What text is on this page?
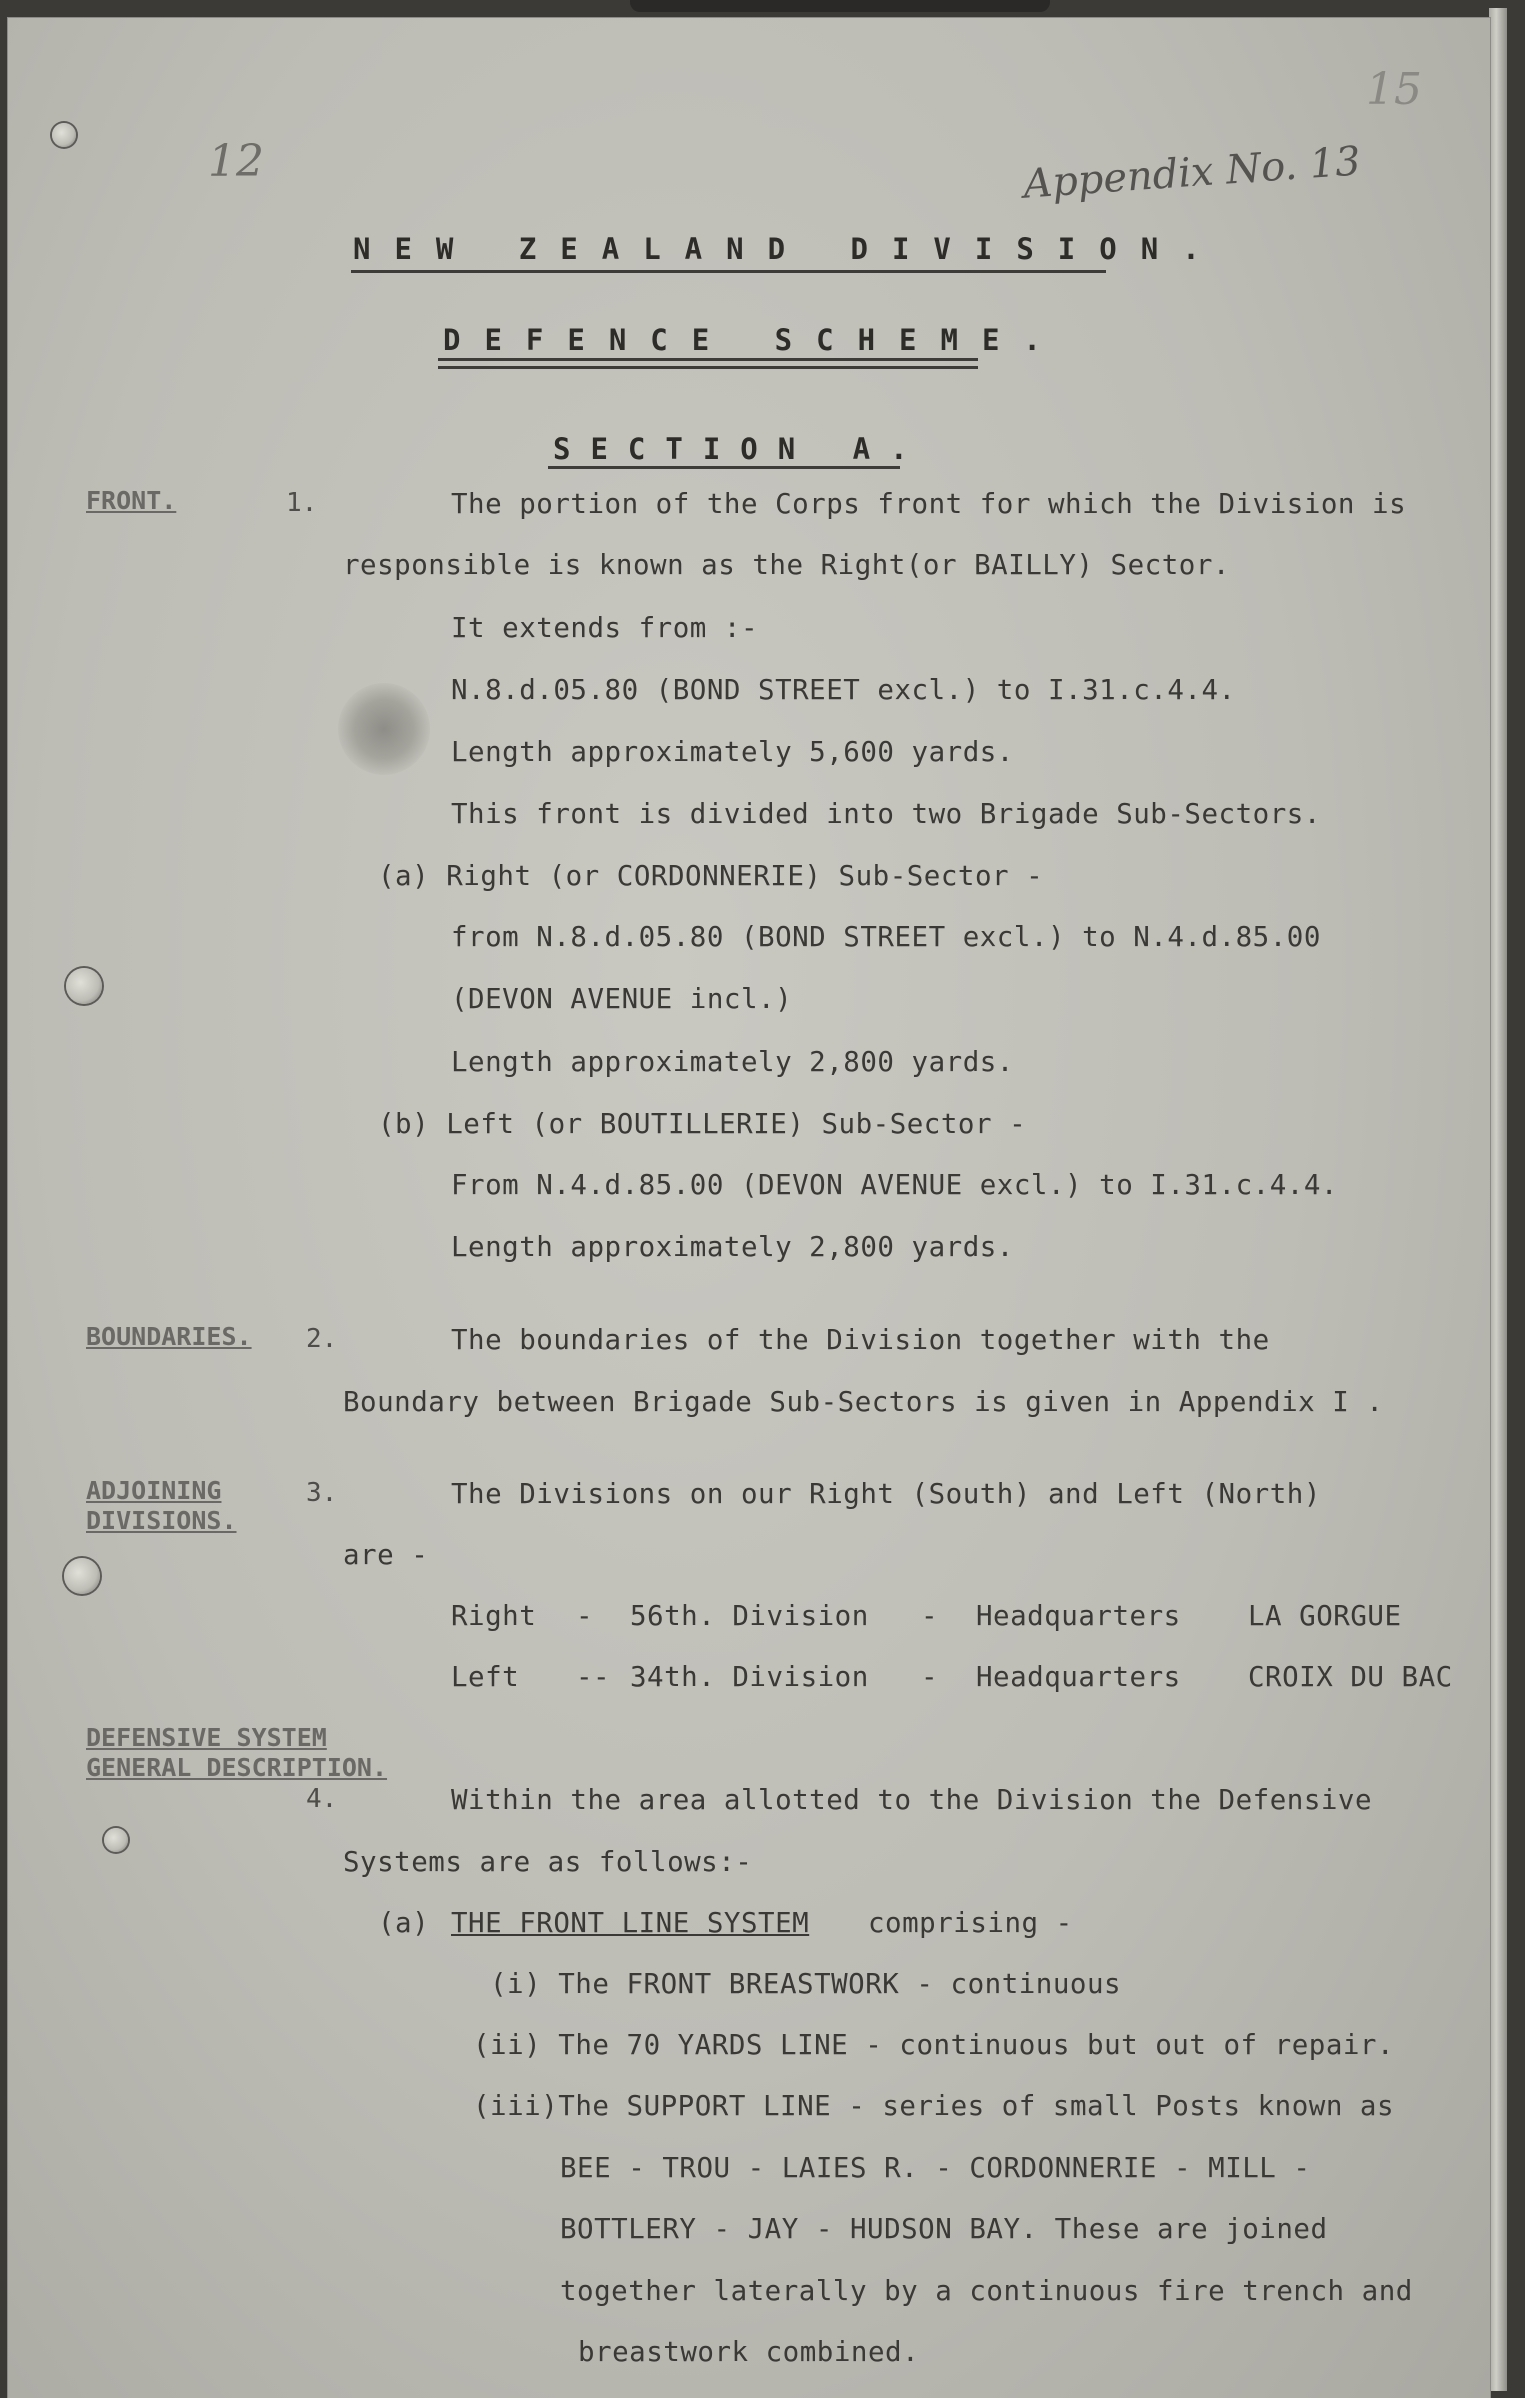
15
12	Appendix No. 13
NEW ZEALAND DIVISION.
DEFENCE SCHEME.
SECTION A.
FRONT.	1.	The portion of the Corps front for which the Division is
responsible is known as the Right(or BAILLY) Sector.
It extends from :-
N.8.d.05.80 (BOND STREET excl.) to I.31.c.4.4.
Length approximately 5,600 yards.
This front is divided into two Brigade Sub-Sectors.
(a) Right (or CORDONNERIE) Sub-Sector -
from N.8.d.05.80 (BOND STREET excl.) to N.4.d.85.00
(DEVON AVENUE incl.)
Length approximately 2,800 yards.
(b) Left (or BOUTILLERIE) Sub-Sector -
From N.4.d.85.00 (DEVON AVENUE excl.) to I.31.c.4.4.
Length approximately 2,800 yards.
BOUNDARIES. 2.	The boundaries of the Division together with the
Boundary between Brigade Sub-Sectors is given in Appendix I .
ADJOINING
DIVISIONS.
3.	The Divisions on our Right (South) and Left (North)
are -
Right - 56th. Division - Headquarters LA GORGUE
Left -- 34th. Division - Headquarters CROIX DU BAC
DEFENSIVE SYSTEM
GENERAL DESCRIPTION.
4.	Within the area allotted to the Division the Defensive
Systems are as follows:-
(a) THE FRONT LINE SYSTEM comprising -
(i) The FRONT BREASTWORK - continuous
(ii) The 70 YARDS LINE - continuous but out of repair.
(iii)The SUPPORT LINE - series of small Posts known as
BEE - TROU - LAIES R. - CORDONNERIE - MILL -
BOTTLERY - JAY - HUDSON BAY. These are joined
together laterally by a continuous fire trench and
breastwork combined.
